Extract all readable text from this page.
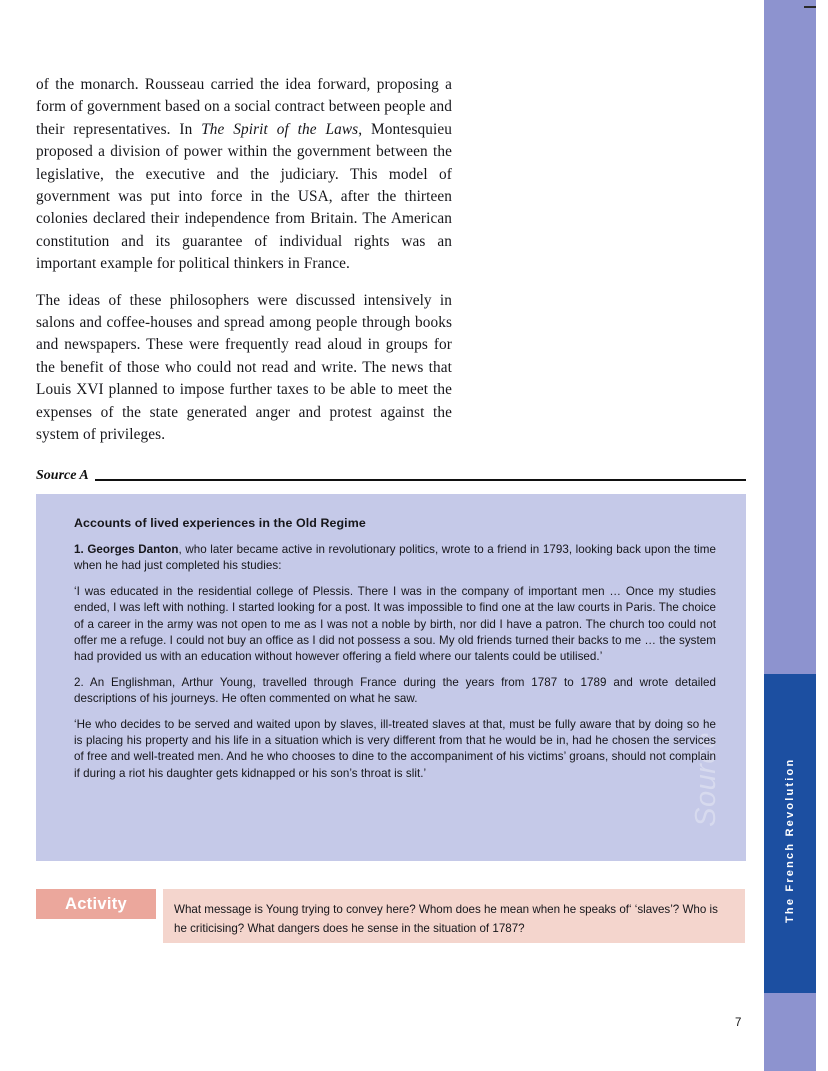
The French Revolution

of the monarch. Rousseau carried the idea forward, proposing a form of government based on a social contract between people and their representatives. In The Spirit of the Laws, Montesquieu proposed a division of power within the government between the legislative, the executive and the judiciary. This model of government was put into force in the USA, after the thirteen colonies declared their independence from Britain. The American constitution and its guarantee of individual rights was an important example for political thinkers in France.

The ideas of these philosophers were discussed intensively in salons and coffee-houses and spread among people through books and newspapers. These were frequently read aloud in groups for the benefit of those who could not read and write. The news that Louis XVI planned to impose further taxes to be able to meet the expenses of the state generated anger and protest against the system of privileges.

Source A
Source

Accounts of lived experiences in the Old Regime

1. Georges Danton, who later became active in revolutionary politics, wrote to a friend in 1793, looking back upon the time when he had just completed his studies:

‘I was educated in the residential college of Plessis. There I was in the company of important men … Once my studies ended, I was left with nothing. I started looking for a post. It was impossible to find one at the law courts in Paris. The choice of a career in the army was not open to me as I was not a noble by birth, nor did I have a patron. The church too could not offer me a refuge. I could not buy an office as I did not possess a sou. My old friends turned their backs to me … the system had provided us with an education without however offering a field where our talents could be utilised.’

2. An Englishman, Arthur Young, travelled through France during the years from 1787 to 1789 and wrote detailed descriptions of his journeys. He often commented on what he saw.

‘He who decides to be served and waited upon by slaves, ill-treated slaves at that, must be fully aware that by doing so he is placing his property and his life in a situation which is very different from that he would be in, had he chosen the services of free and well-treated men. And he who chooses to dine to the accompaniment of his victims’ groans, should not complain if during a riot his daughter gets kidnapped or his son’s throat is slit.’

Activity	What message is Young trying to convey here? Whom does he mean when he speaks of‘ ‘slaves’? Who is he criticising? What dangers does he sense in the situation of 1787?

7
